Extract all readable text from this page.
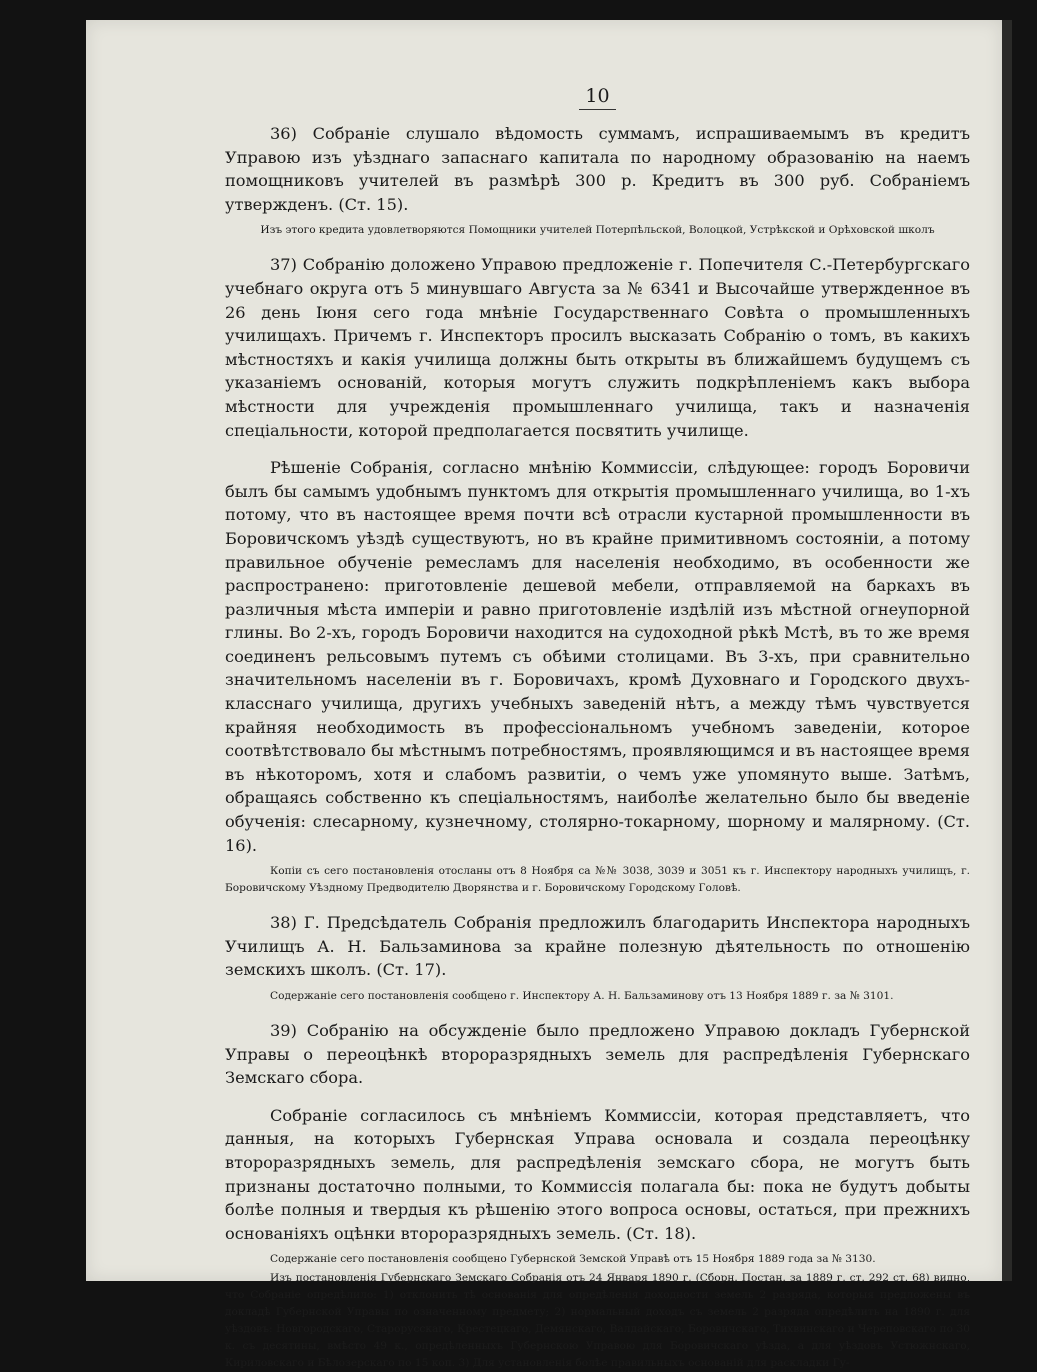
10

36) Собраніе слушало вѣдомость суммамъ, испрашиваемымъ въ кредитъ Управою изъ уѣзднаго запаснаго капитала по народному образованію на наемъ помощниковъ учителей въ размѣрѣ 300 р. Кредитъ въ 300 руб. Собраніемъ утвержденъ. (Ст. 15).

Изъ этого кредита удовлетворяются Помощники учителей Потерпѣльской, Волоцкой, Устрѣкской и Орѣховской школъ

37) Собранію доложено Управою предложеніе г. Попечителя С.-Петербургскаго учебнаго округа отъ 5 минувшаго Августа за № 6341 и Высочайше утвержденное въ 26 день Іюня сего года мнѣніе Государственнаго Совѣта о промышленныхъ училищахъ. Причемъ г. Инспекторъ просилъ высказать Собранію о томъ, въ какихъ мѣстностяхъ и какія училища должны быть открыты въ ближайшемъ будущемъ съ указаніемъ основаній, которыя могутъ служить подкрѣпленіемъ какъ выбора мѣстности для учрежденія промышленнаго училища, такъ и назначенія спеціальности, которой предполагается посвятить училище.

Рѣшеніе Собранія, согласно мнѣнію Коммиссіи, слѣдующее: городъ Боровичи былъ бы самымъ удобнымъ пунктомъ для открытія промышленнаго училища, во 1-хъ потому, что въ настоящее время почти всѣ отрасли кустарной промышленности въ Боровичскомъ уѣздѣ существуютъ, но въ крайне примитивномъ состояніи, а потому правильное обученіе ремесламъ для населенія необходимо, въ особенности же распространено: приготовленіе дешевой мебели, отправляемой на баркахъ въ различныя мѣста имперіи и равно приготовленіе издѣлій изъ мѣстной огнеупорной глины. Во 2-хъ, городъ Боровичи находится на судоходной рѣкѣ Мстѣ, въ то же время соединенъ рельсовымъ путемъ съ обѣими столицами. Въ 3-хъ, при сравнительно значительномъ населеніи въ г. Боровичахъ, кромѣ Духовнаго и Городского двухъ-класснаго училища, другихъ учебныхъ заведеній нѣтъ, а между тѣмъ чувствуется крайняя необходимость въ профессіональномъ учебномъ заведеніи, которое соотвѣтствовало бы мѣстнымъ потребностямъ, проявляющимся и въ настоящее время въ нѣкоторомъ, хотя и слабомъ развитіи, о чемъ уже упомянуто выше. Затѣмъ, обращаясь собственно къ спеціальностямъ, наиболѣе желательно было бы введеніе обученія: слесарному, кузнечному, столярно-токарному, шорному и малярному. (Ст. 16).

Копіи съ сего постановленія отосланы отъ 8 Ноября са №№ 3038, 3039 и 3051 къ г. Инспектору народныхъ училищъ, г. Боровичскому Уѣздному Предводителю Дворянства и г. Боровичскому Городскому Головѣ.

38) Г. Предсѣдатель Собранія предложилъ благодарить Инспектора народныхъ Училищъ А. Н. Бальзаминова за крайне полезную дѣятельность по отношенію земскихъ школъ. (Ст. 17).

Содержаніе сего постановленія сообщено г. Инспектору А. Н. Бальзаминову отъ 13 Ноября 1889 г. за № 3101.

39) Собранію на обсужденіе было предложено Управою докладъ Губернской Управы о переоцѣнкѣ второразрядныхъ земель для распредѣленія Губернскаго Земскаго сбора.

Собраніе согласилось съ мнѣніемъ Коммиссіи, которая представляетъ, что данныя, на которыхъ Губернская Управа основала и создала переоцѣнку второразрядныхъ земель, для распредѣленія земскаго сбора, не могутъ быть признаны достаточно полными, то Коммиссія полагала бы: пока не будутъ добыты болѣе полныя и твердыя къ рѣшенію этого вопроса основы, остаться, при прежнихъ основаніяхъ оцѣнки второразрядныхъ земель. (Ст. 18).

Содержаніе сего постановленія сообщено Губернской Земской Управѣ отъ 15 Ноября 1889 года за № 3130.

Изъ постановленія Губернскаго Земскаго Собранія отъ 24 Января 1890 г. (Сборн. Постан. за 1889 г. ст. 292 ст. 68) видно, что Собраніе опредѣлило: 1) отклонить тѣ основанія для опредѣленія доходности земель 2 разряда, которыя предложены въ докладѣ Губернской Управы по означенному предмету; 2) нормальный доходъ съ земель 2 разряда опредѣлить на 1890 г. для уѣздовъ: Новгородскаго, Старорусскаго, Крестецкаго, Демянскаго, Валдайскаго, Боровичскаго, Тихвинскаго и Череповскаго по 30 к. съ десятины, вмѣсто 49 к., опредѣленныхъ Губернскою Управою для Боровичскаго уѣзда, а для уѣздовъ Устюжнскаго, Кириловскаго и Бѣлозерскаго по 15 коп. 3) Для установленія болѣе правильныхъ основаній для раскладки Гу-
